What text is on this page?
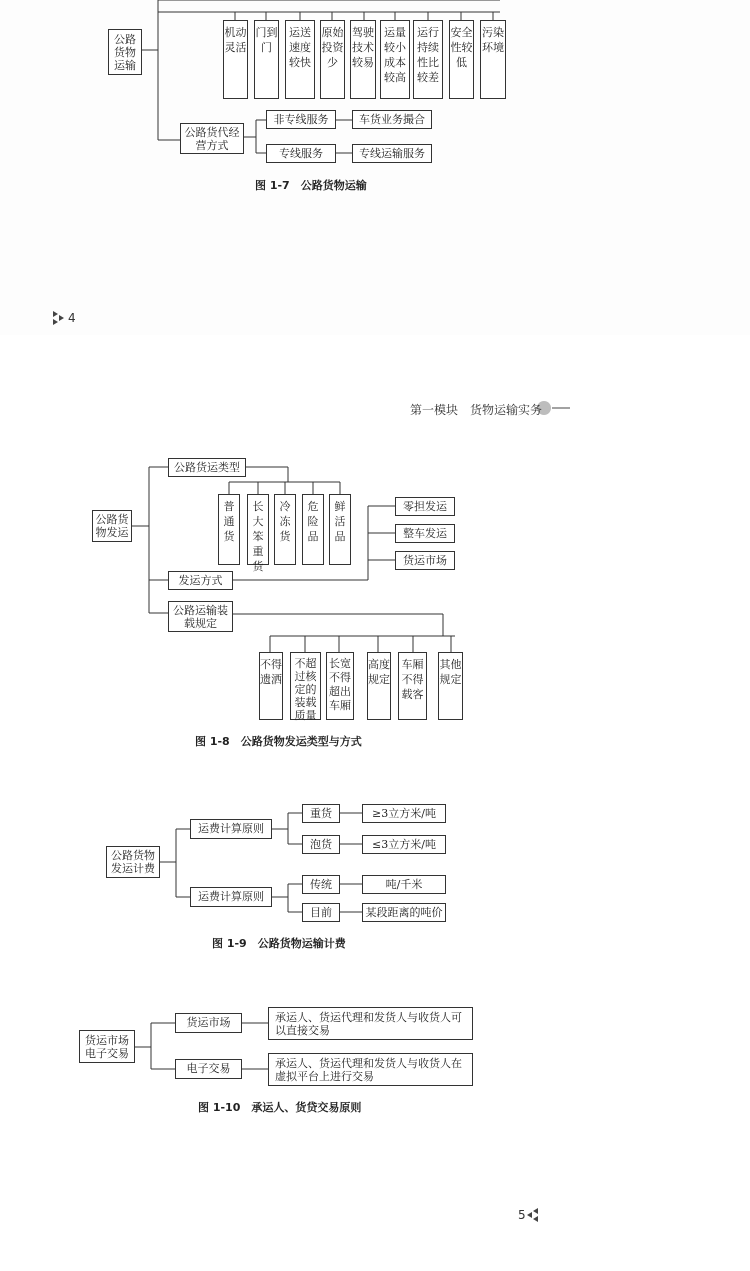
公路货物运输
机动灵活
门到门
运送速度较快
原始投资少
驾驶技术较易
运量较小成本较高
运行持续性比较差
安全性较低
污染环境
公路货代经营方式
非专线服务	车货业务撮合
专线服务	专线运输服务
图 1-7　公路货物运输
4
第一模块　货物运输实务
公路货物发运
公路货运类型
普通货
长大笨重货
冷冻货
危险品
鲜活品
零担发运
整车发运
货运市场
发运方式
公路运输装载规定
不得遗洒
不超过核定的装载质量
长宽不得超出车厢
高度规定
车厢不得载客
其他规定
图 1-8　公路货物发运类型与方式
公路货物发运计费
运费计算原则
运费计算原则
重货	≥3立方米/吨
泡货	≤3立方米/吨
传统	吨/千米
目前	某段距离的吨价
图 1-9　公路货物运输计费
货运市场电子交易
货运市场	承运人、货运代理和发货人与收货人可以直接交易
电子交易	承运人、货运代理和发货人与收货人在虚拟平台上进行交易
图 1-10　承运人、货贷交易原则
5
